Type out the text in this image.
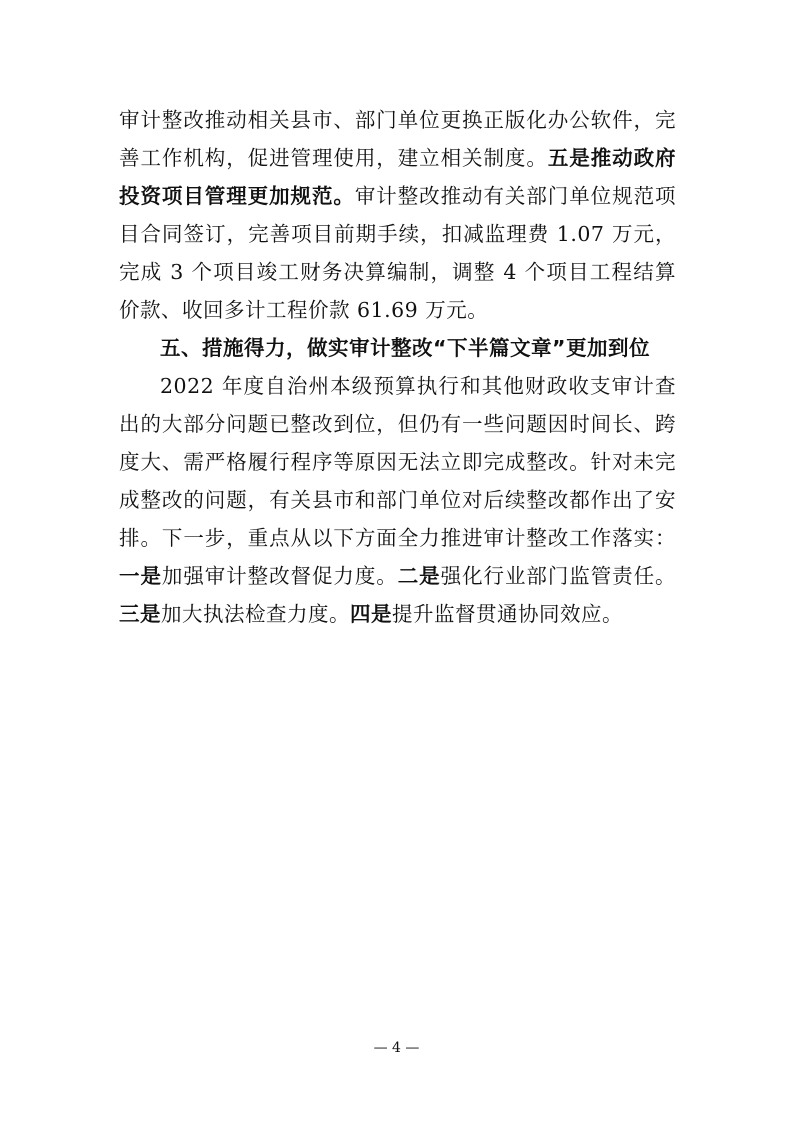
审计整改推动相关县市、部门单位更换正版化办公软件，完善工作机构，促进管理使用，建立相关制度。五是推动政府投资项目管理更加规范。审计整改推动有关部门单位规范项目合同签订，完善项目前期手续，扣减监理费 1.07 万元，完成 3 个项目竣工财务决算编制，调整 4 个项目工程结算价款、收回多计工程价款 61.69 万元。

五、措施得力，做实审计整改“下半篇文章”更加到位

2022 年度自治州本级预算执行和其他财政收支审计查出的大部分问题已整改到位，但仍有一些问题因时间长、跨度大、需严格履行程序等原因无法立即完成整改。针对未完成整改的问题，有关县市和部门单位对后续整改都作出了安排。下一步，重点从以下方面全力推进审计整改工作落实：一是加强审计整改督促力度。二是强化行业部门监管责任。三是加大执法检查力度。四是提升监督贯通协同效应。

— 4 —
